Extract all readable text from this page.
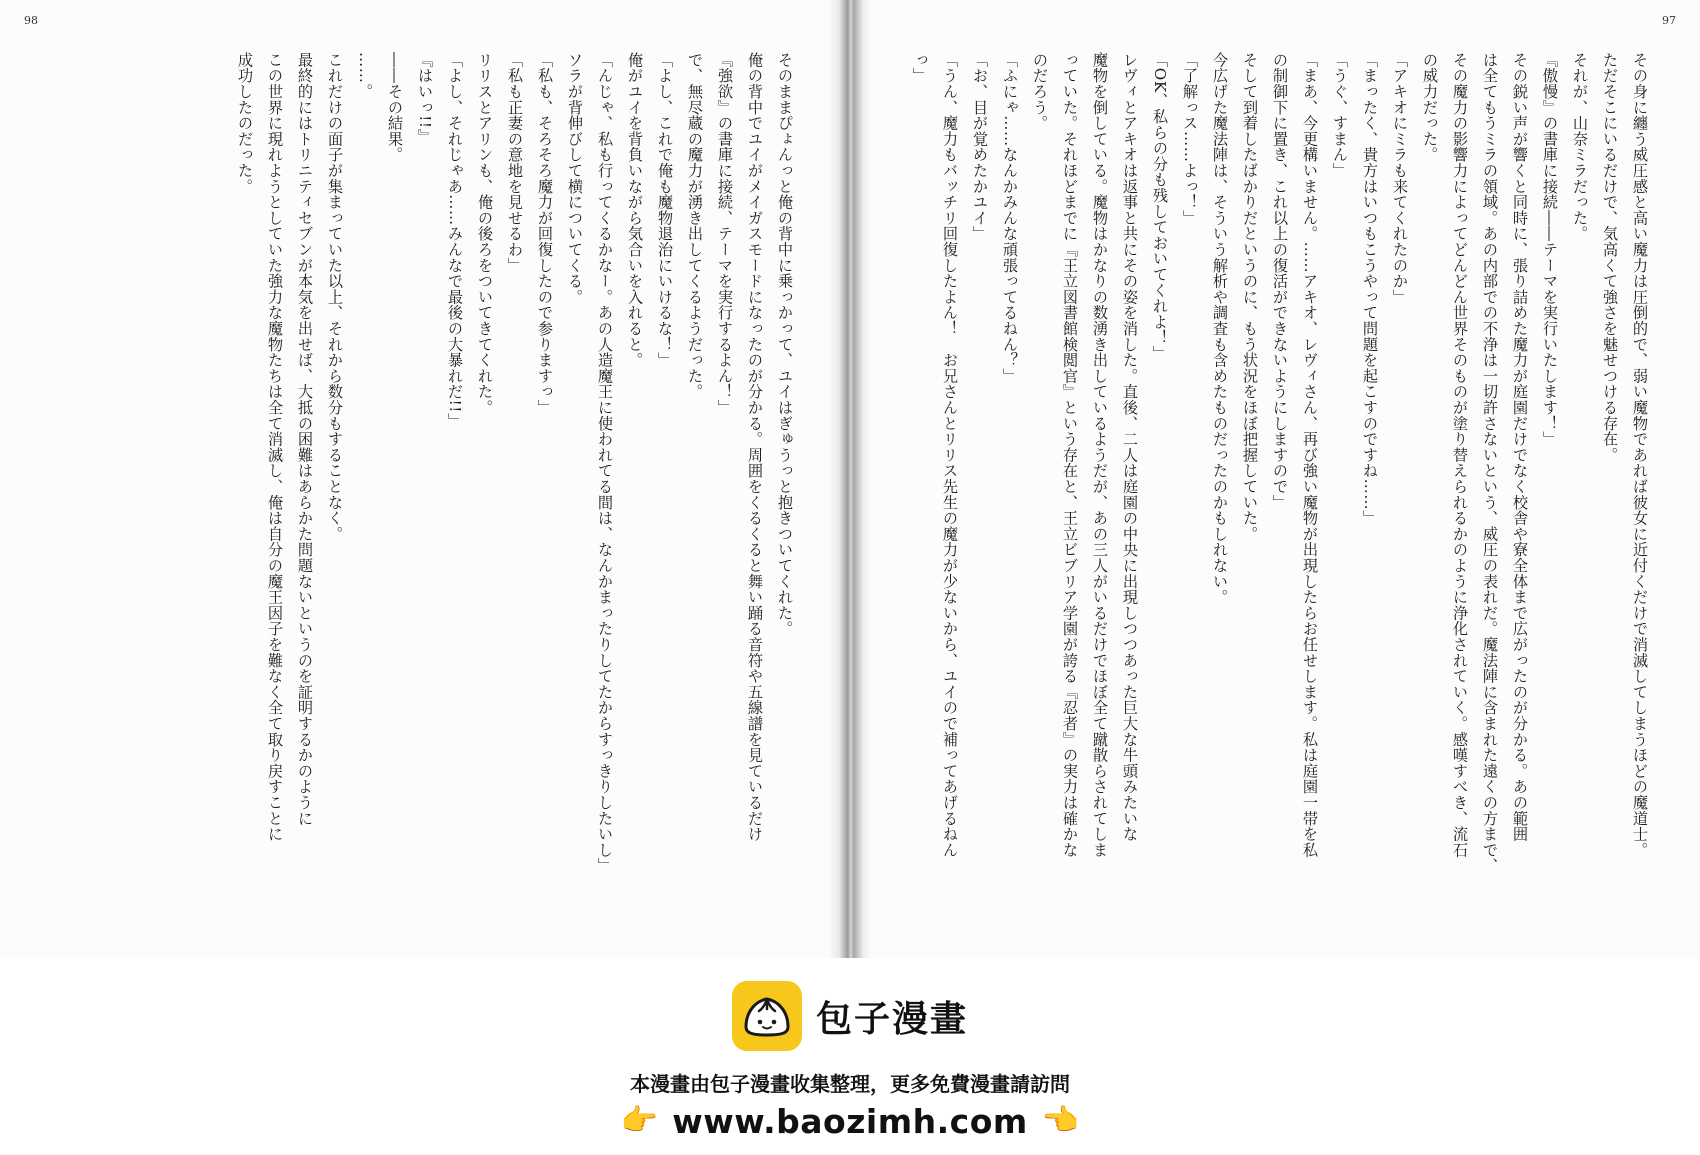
98
そのままぴょんっと俺の背中に乗っかって、ユイはぎゅうっと抱きついてくれた。
俺の背中でユイがメイガスモードになったのが分かる。周囲をくるくると舞い踊る音符や五線譜を見ているだけ
『強欲』の書庫に接続、テーマを実行するよん！」
で、無尽蔵の魔力が湧き出してくるようだった。
「よし、これで俺も魔物退治にいけるな！」
俺がユイを背負いながら気合いを入れると。
「んじゃ、私も行ってくるかなー。あの人造魔王に使われてる間は、なんかまったりしてたからすっきりしたいし」
ソラが背伸びして横についてくる。
「私も、そろそろ魔力が回復したので参りますっ」
「私も正妻の意地を見せるわ」
リリスとアリンも、俺の後ろをついてきてくれた。
「よし、それじゃあ……みんなで最後の大暴れだ!!」
『はいっ!!』
――その結果。
……。
これだけの面子が集まっていた以上、それから数分もすることなく。
最終的にはトリニティセブンが本気を出せば、大抵の困難はあらかた問題ないというのを証明するかのように
この世界に現れようとしていた強力な魔物たちは全て消滅し、俺は自分の魔王因子を難なく全て取り戻すことに
成功したのだった。
97
その身に纏う威圧感と高い魔力は圧倒的で、弱い魔物であれば彼女に近付くだけで消滅してしまうほどの魔道士。
ただそこにいるだけで、気高くて強さを魅せつける存在。
それが、山奈ミラだった。
『傲慢』の書庫に接続――テーマを実行いたします！」
その鋭い声が響くと同時に、張り詰めた魔力が庭園だけでなく校舎や寮全体まで広がったのが分かる。あの範囲
は全てもうミラの領域。あの内部での不浄は一切許さないという、威圧の表れだ。魔法陣に含まれた遠くの方まで、
その魔力の影響力によってどんどん世界そのものが塗り替えられるかのように浄化されていく。感嘆すべき、流石
の威力だった。
「アキオにミラも来てくれたのか」
「まったく、貴方はいつもこうやって問題を起こすのですね……」
「うぐ、すまん」
「まあ、今更構いません。……アキオ、レヴィさん、再び強い魔物が出現したらお任せします。私は庭園一帯を私
の制御下に置き、これ以上の復活ができないようにしますので」
そして到着したばかりだというのに、もう状況をほぼ把握していた。
今広げた魔法陣は、そういう解析や調査も含めたものだったのかもしれない。
「了解っス……よっ！」
「OK、私らの分も残しておいてくれよ！」
レヴィとアキオは返事と共にその姿を消した。直後、二人は庭園の中央に出現しつつあった巨大な牛頭みたいな
魔物を倒している。魔物はかなりの数湧き出しているようだが、あの三人がいるだけでほぼ全て蹴散らされてしま
っていた。それほどまでに『王立図書館検閲官』という存在と、王立ビブリア学園が誇る『忍者』の実力は確かな
のだろう。
「ふにゃ……なんかみんな頑張ってるねん？」
「お、目が覚めたかユイ」
「うん、魔力もバッチリ回復したよん！　お兄さんとリリス先生の魔力が少ないから、ユイので補ってあげるねん
っ」
包子漫畫
本漫畫由包子漫畫收集整理，更多免費漫畫請訪問
👉 www.baozimh.com 👈
